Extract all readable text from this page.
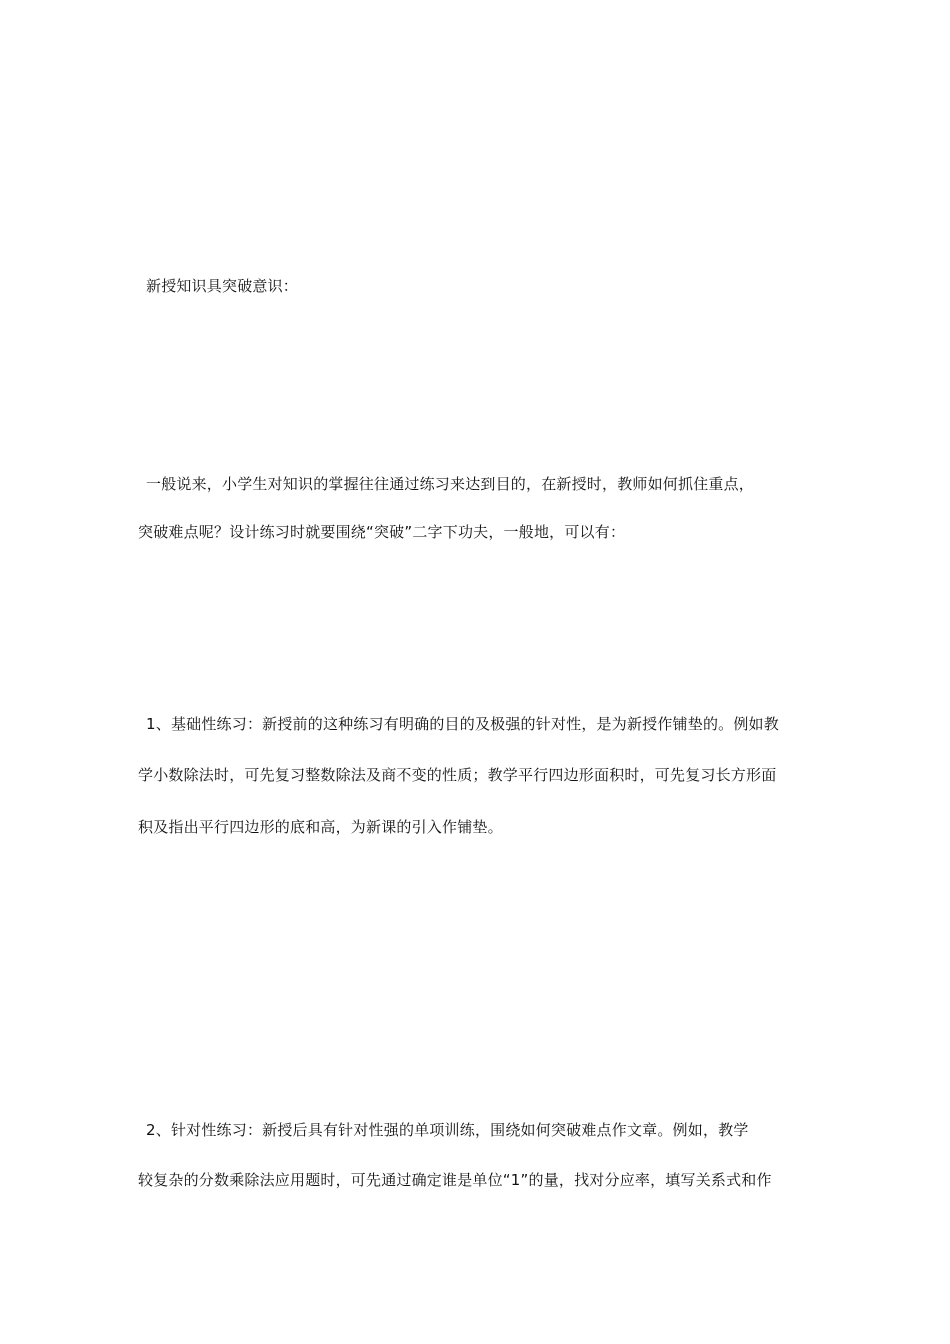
新授知识具突破意识：
一般说来，小学生对知识的掌握往往通过练习来达到目的，在新授时，教师如何抓住重点，
突破难点呢？设计练习时就要围绕“突破”二字下功夫，一般地，可以有：
1、基础性练习：新授前的这种练习有明确的目的及极强的针对性，是为新授作铺垫的。例如教
学小数除法时，可先复习整数除法及商不变的性质；教学平行四边形面积时，可先复习长方形面
积及指出平行四边形的底和高，为新课的引入作铺垫。
2、针对性练习：新授后具有针对性强的单项训练，围绕如何突破难点作文章。例如，教学
较复杂的分数乘除法应用题时，可先通过确定谁是单位“1”的量，找对分应率，填写关系式和作
